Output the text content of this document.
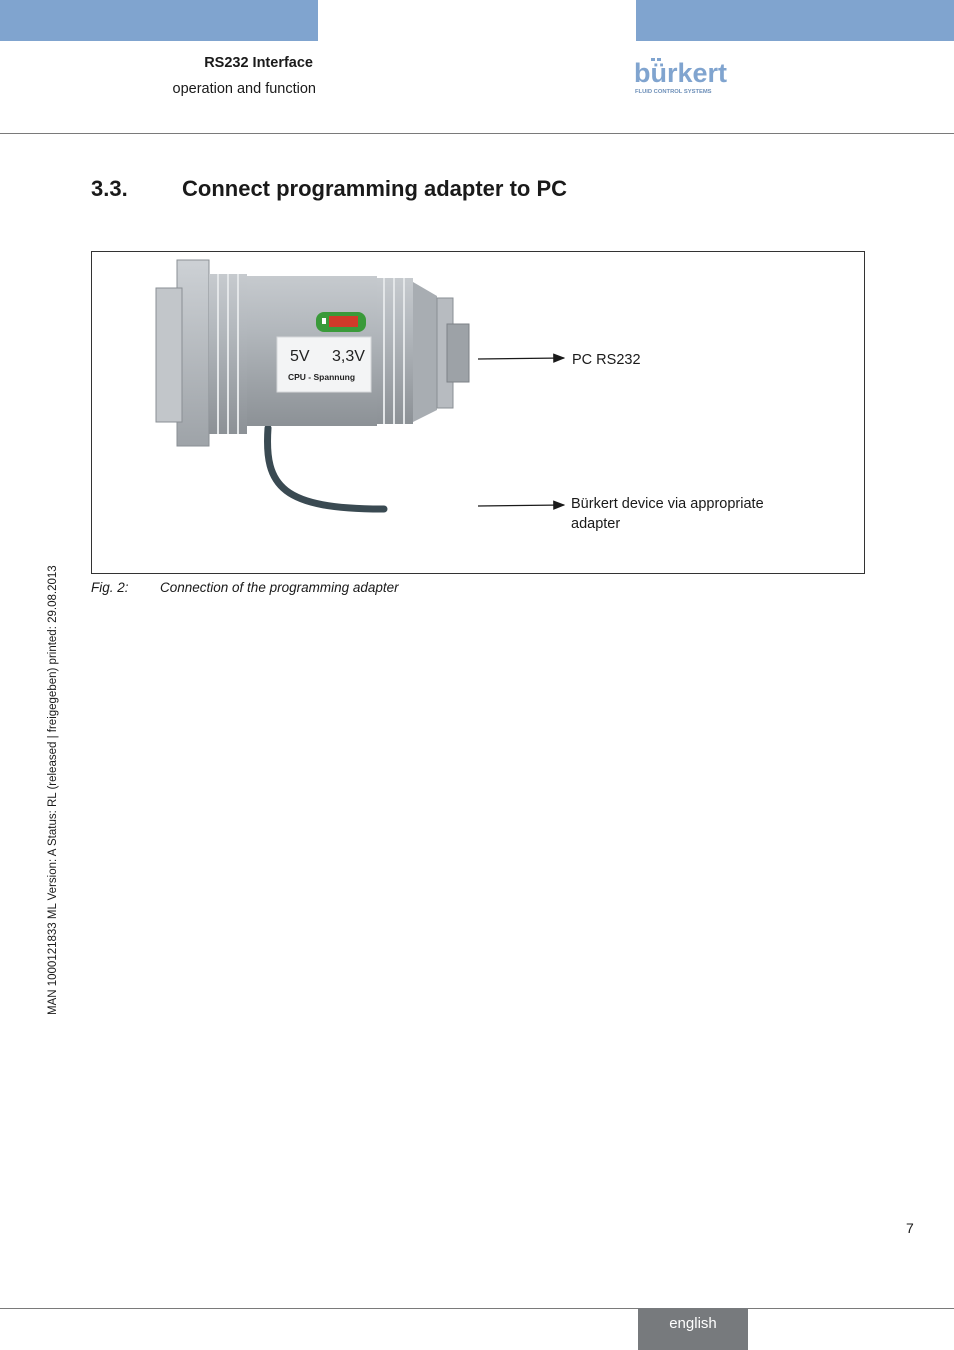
RS232 Interface
operation and function
bürkert
FLUID CONTROL SYSTEMS
3.3. Connect programming adapter to PC
5V 3,3V
CPU - Spannung
PC RS232
Bürkert device via appropriate adapter
Fig. 2: Connection of the programming adapter
MAN 1000121833 ML Version: A Status: RL (released | freigegeben) printed: 29.08.2013
7
english
